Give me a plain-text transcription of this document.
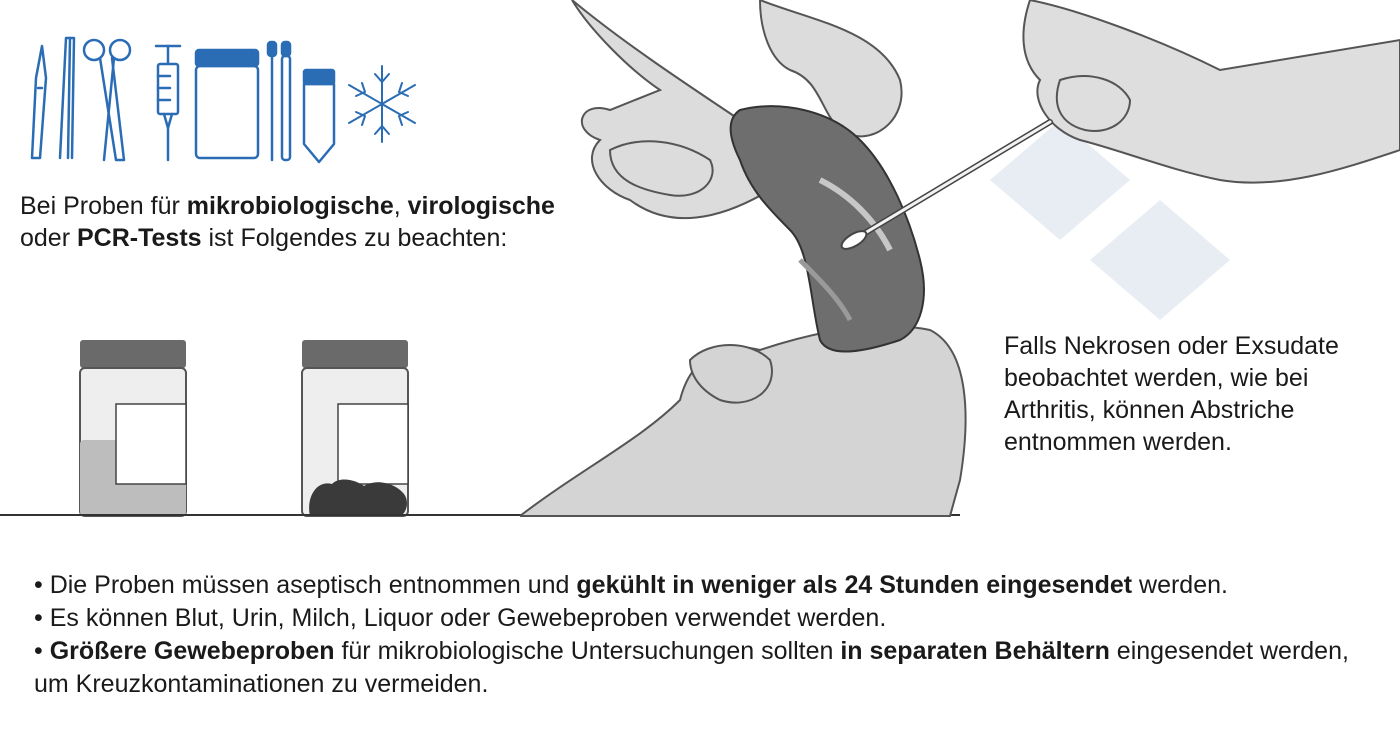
Bei Proben für mikrobiologische, virologische
oder PCR-Tests ist Folgendes zu beachten:
Falls Nekrosen oder Exsudate beobachtet werden, wie bei Arthritis, können Abstriche entnommen werden.
• Die Proben müssen aseptisch entnommen und gekühlt in weniger als 24 Stunden eingesendet werden.
• Es können Blut, Urin, Milch, Liquor oder Gewebeproben verwendet werden.
• Größere Gewebeproben für mikrobiologische Untersuchungen sollten in separaten Behältern eingesendet werden, um Kreuzkontaminationen zu vermeiden.
